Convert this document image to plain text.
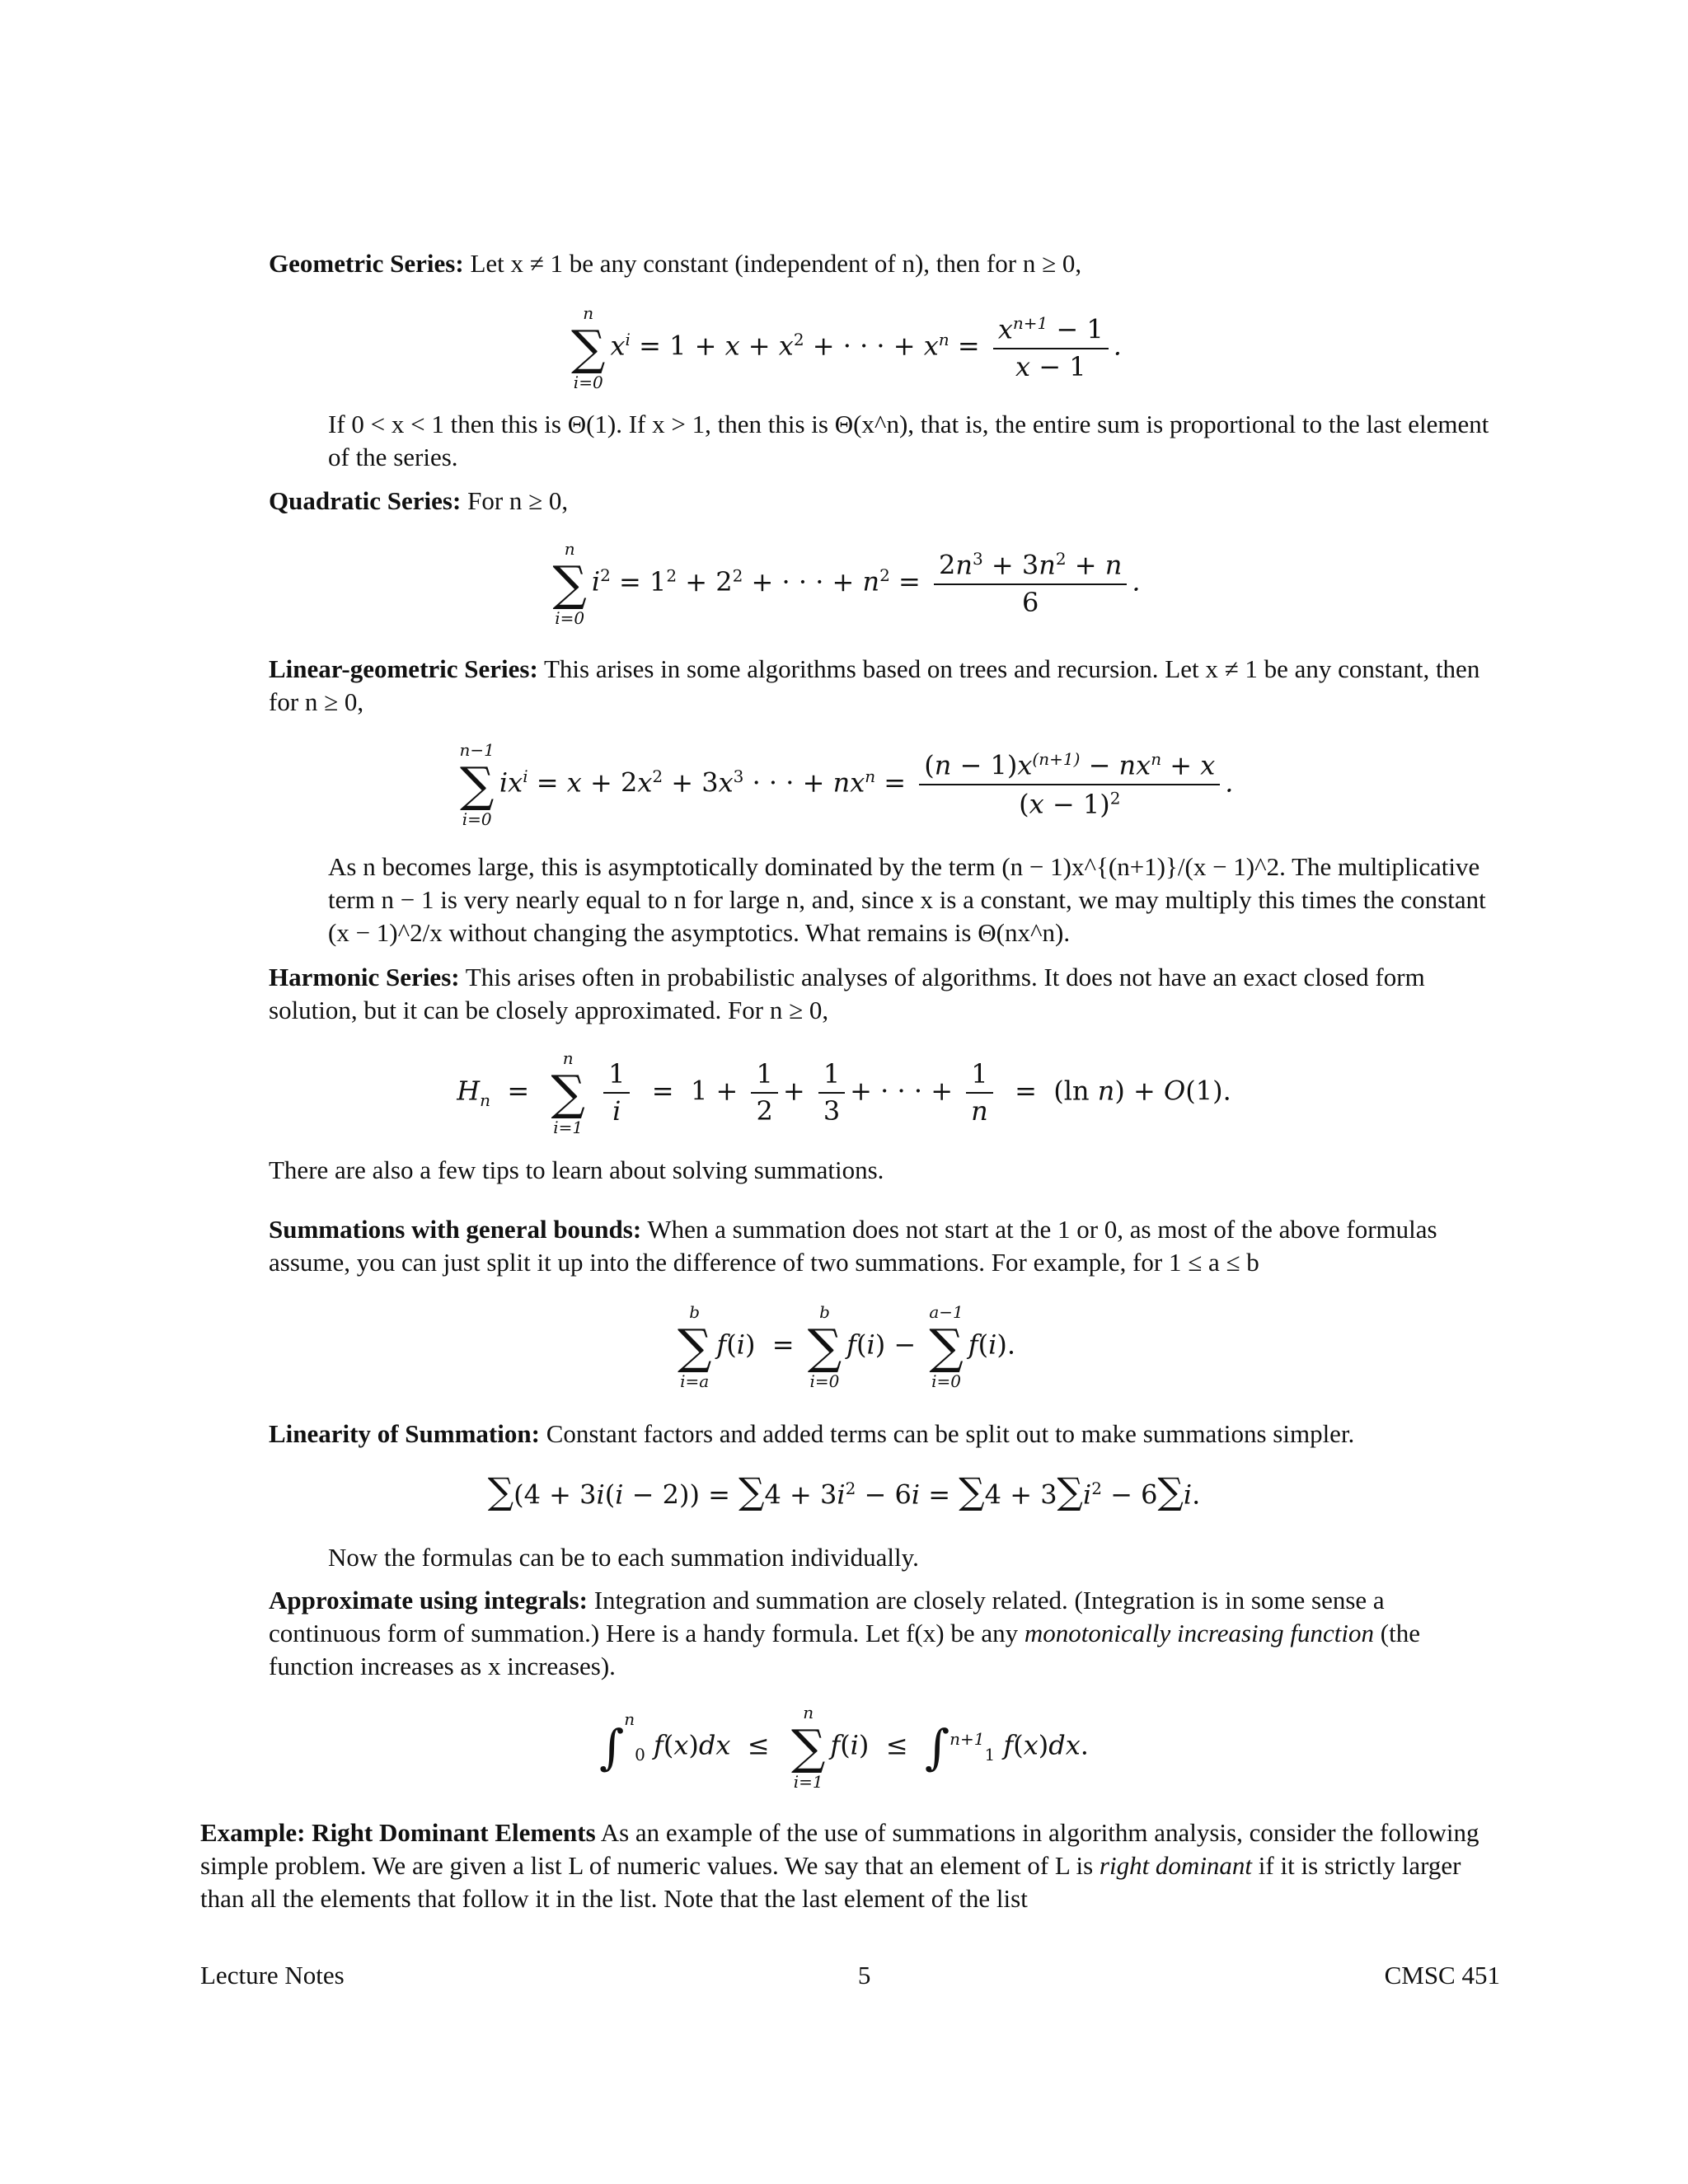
Geometric Series: Let x ≠ 1 be any constant (independent of n), then for n ≥ 0,
n
∑
i=0
$x^i = 1 + x + x^2$ + · · · + $x^n = \frac{x^{n+1} - 1}{x - 1}$ .
If 0 < x < 1 then this is Θ(1). If x > 1, then this is Θ(x^n), that is, the entire sum is proportional to the last element of the series.
Quadratic Series: For n ≥ 0,
n
∑
i=0
$i^2 = 1^2 + 2^2$ + · · · + $n^2 = \frac{2n^3 + 3n^2 + n}{6}$ .
Linear-geometric Series: This arises in some algorithms based on trees and recursion. Let x ≠ 1 be any constant, then for n ≥ 0,
n−1
∑
i=0
$ix^i = x + 2x^2 + 3x^3$ · · · + $nx^n = \frac{(n - 1)x^{(n+1)} - nx^n + x}{(x - 1)^2}$ .
As n becomes large, this is asymptotically dominated by the term (n − 1)x^{(n+1)}/(x − 1)^2. The multiplicative term n − 1 is very nearly equal to n for large n, and, since x is a constant, we may multiply this times the constant (x − 1)^2/x without changing the asymptotics. What remains is Θ(nx^n).
Harmonic Series: This arises often in probabilistic analyses of algorithms. It does not have an exact closed form solution, but it can be closely approximated. For n ≥ 0,
$H_n$  =
n
∑
i=1

$\frac{1}{i} = 1 + \frac{1}{2} + \frac{1}{3}$ + · · · + $\frac{1}{n} = (\ln$ n) + O(1).
There are also a few tips to learn about solving summations.
Summations with general bounds: When a summation does not start at the 1 or 0, as most of the above formulas assume, you can just split it up into the difference of two summations. For example, for 1 ≤ a ≤ b
b
∑
i=a
f(i)  =
b
∑
i=0
f(i) −
a−1
∑
i=0
f(i).
Linearity of Summation: Constant factors and added terms can be split out to make summations simpler.
$\sum(4 + 3i(i - 2)) = \sum 4 + 3i^2 - 6i = \sum 4 + 3\sum i^2 - 6\sum i$.
Now the formulas can be to each summation individually.
Approximate using integrals: Integration and summation are closely related. (Integration is in some sense a continuous form of summation.) Here is a handy formula. Let f(x) be any monotonically increasing function (the function increases as x increases).
∫$^n_0$ f(x)dx  ≤
n
∑
i=1
f(i)  ≤  ∫$^{n+1}_1$ f(x)dx.
Example: Right Dominant Elements As an example of the use of summations in algorithm analysis, consider the following simple problem. We are given a list L of numeric values. We say that an element of L is right dominant if it is strictly larger than all the elements that follow it in the list. Note that the last element of the list
Lecture Notes	5	CMSC 451
